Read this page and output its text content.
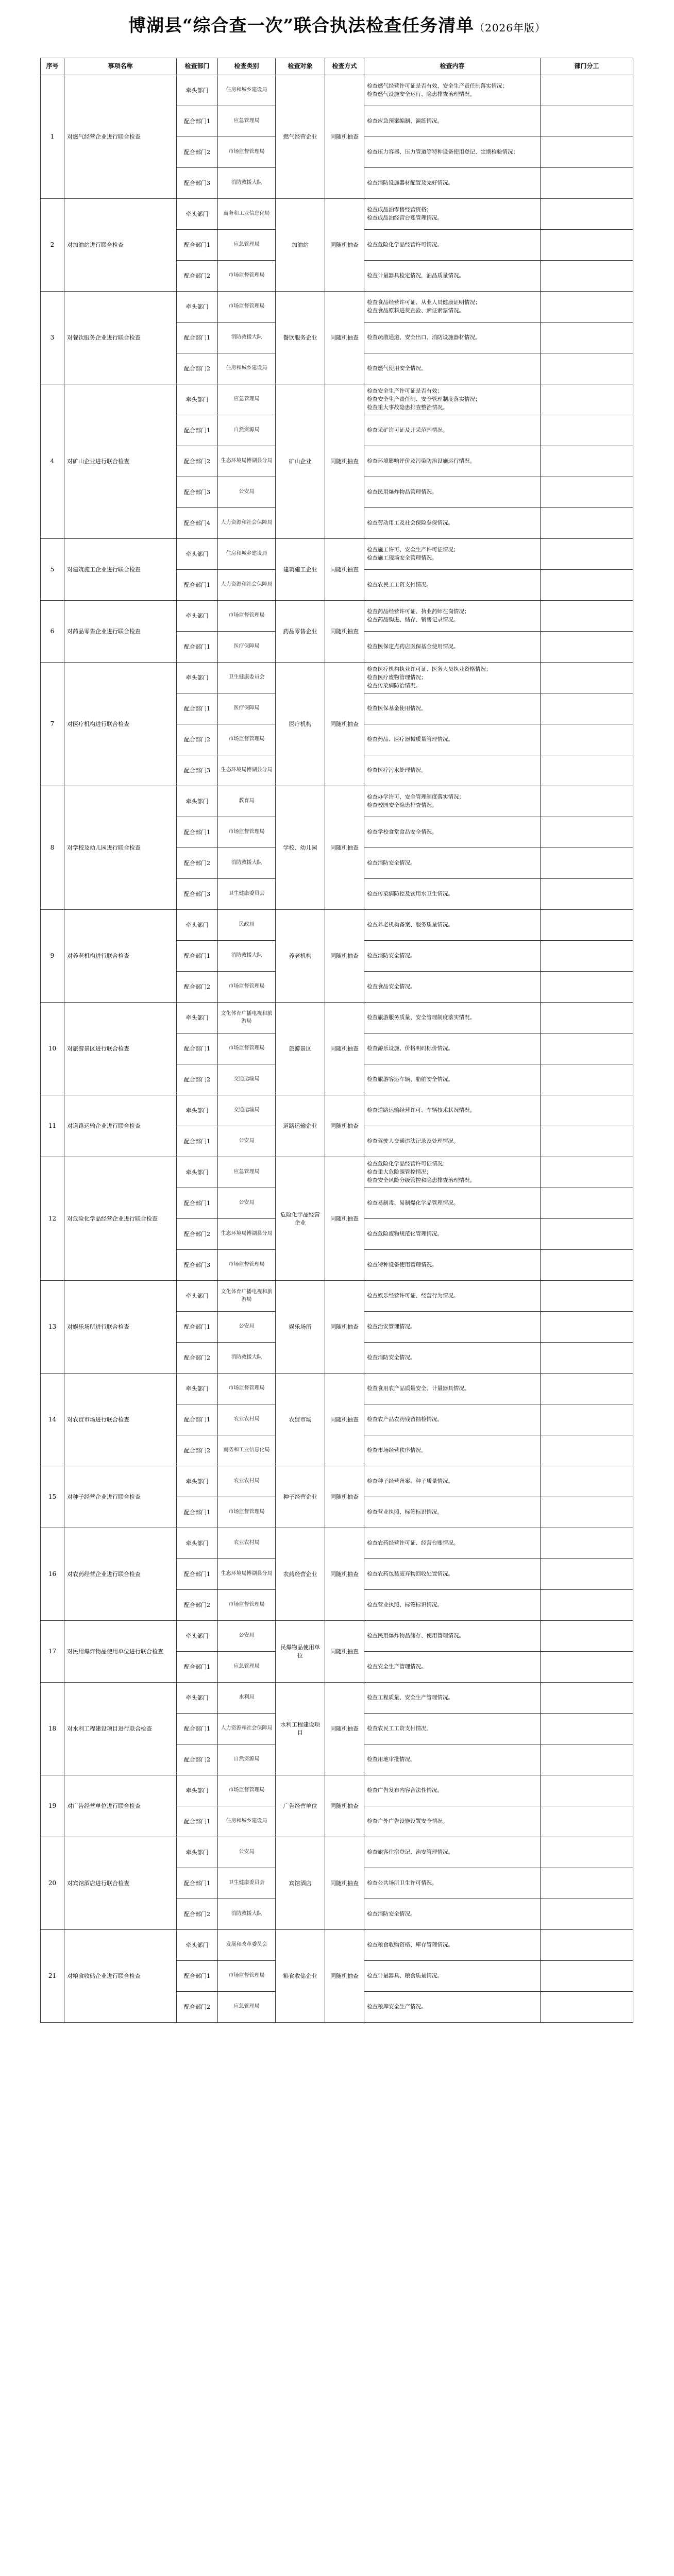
博湖县“综合查一次”联合执法检查任务清单（2026年版）
序号	事项名称	检查部门	检查类别	检查对象	检查方式	检查内容	部门分工
1	对燃气经营企业进行联合检查	牵头部门	住房和城乡建设局	燃气经营企业	同随机抽查	检查燃气经营许可证是否有效，安全生产责任制落实情况；
检查燃气设施安全运行、隐患排查治理情况。	

		配合部门1	应急管理局			检查应急预案编制、演练情况。	

		配合部门2	市场监督管理局			检查压力容器、压力管道等特种设备使用登记、定期检验情况；	

		配合部门3	消防救援大队			检查消防设施器材配置及完好情况。	

2	对加油站进行联合检查	牵头部门	商务和工业信息化局	加油站	同随机抽查	检查成品油零售经营资格；
检查成品油经营台账管理情况。	

		配合部门1	应急管理局			检查危险化学品经营许可情况。	

		配合部门2	市场监督管理局			检查计量器具检定情况，油品质量情况。	

3	对餐饮服务企业进行联合检查	牵头部门	市场监督管理局	餐饮服务企业	同随机抽查	检查食品经营许可证、从业人员健康证明情况；
检查食品原料进货查验、索证索票情况。	

		配合部门1	消防救援大队			检查疏散通道、安全出口、消防设施器材情况。	

		配合部门2	住房和城乡建设局			检查燃气使用安全情况。	

4	对矿山企业进行联合检查	牵头部门	应急管理局	矿山企业	同随机抽查	检查安全生产许可证是否有效；
检查安全生产责任制、安全管理制度落实情况；
检查重大事故隐患排查整治情况。	

		配合部门1	自然资源局			检查采矿许可证及开采范围情况。	

		配合部门2	生态环境局博湖县分局			检查环境影响评价及污染防治设施运行情况。	

		配合部门3	公安局			检查民用爆炸物品管理情况。	

		配合部门4	人力资源和社会保障局			检查劳动用工及社会保险参保情况。	

5	对建筑施工企业进行联合检查	牵头部门	住房和城乡建设局	建筑施工企业	同随机抽查	检查施工许可、安全生产许可证情况；
检查施工现场安全管理情况。	

		配合部门1	人力资源和社会保障局			检查农民工工资支付情况。	

6	对药品零售企业进行联合检查	牵头部门	市场监督管理局	药品零售企业	同随机抽查	检查药品经营许可证、执业药师在岗情况；
检查药品购进、储存、销售记录情况。	

		配合部门1	医疗保障局			检查医保定点药店医保基金使用情况。	

7	对医疗机构进行联合检查	牵头部门	卫生健康委员会	医疗机构	同随机抽查	检查医疗机构执业许可证、医务人员执业资格情况；
检查医疗废物管理情况；
检查传染病防治情况。	

		配合部门1	医疗保障局			检查医保基金使用情况。	

		配合部门2	市场监督管理局			检查药品、医疗器械质量管理情况。	

		配合部门3	生态环境局博湖县分局			检查医疗污水处理情况。	

8	对学校及幼儿园进行联合检查	牵头部门	教育局	学校、幼儿园	同随机抽查	检查办学许可、安全管理制度落实情况；
检查校园安全隐患排查情况。	

		配合部门1	市场监督管理局			检查学校食堂食品安全情况。	

		配合部门2	消防救援大队			检查消防安全情况。	

		配合部门3	卫生健康委员会			检查传染病防控及饮用水卫生情况。	

9	对养老机构进行联合检查	牵头部门	民政局	养老机构	同随机抽查	检查养老机构备案、服务质量情况。	

		配合部门1	消防救援大队			检查消防安全情况。	

		配合部门2	市场监督管理局			检查食品安全情况。	

10	对旅游景区进行联合检查	牵头部门	文化体育广播电视和旅游局	旅游景区	同随机抽查	检查旅游服务质量、安全管理制度落实情况。	

		配合部门1	市场监督管理局			检查游乐设施、价格明码标价情况。	

		配合部门2	交通运输局			检查旅游客运车辆、船舶安全情况。	

11	对道路运输企业进行联合检查	牵头部门	交通运输局	道路运输企业	同随机抽查	检查道路运输经营许可、车辆技术状况情况。	

		配合部门1	公安局			检查驾驶人交通违法记录及处理情况。	

12	对危险化学品经营企业进行联合检查	牵头部门	应急管理局	危险化学品经营企业	同随机抽查	检查危险化学品经营许可证情况；
检查重大危险源管控情况；
检查安全风险分级管控和隐患排查治理情况。	

		配合部门1	公安局			检查易制毒、易制爆化学品管理情况。	

		配合部门2	生态环境局博湖县分局			检查危险废物规范化管理情况。	

		配合部门3	市场监督管理局			检查特种设备使用管理情况。	

13	对娱乐场所进行联合检查	牵头部门	文化体育广播电视和旅游局	娱乐场所	同随机抽查	检查娱乐经营许可证、经营行为情况。	

		配合部门1	公安局			检查治安管理情况。	

		配合部门2	消防救援大队			检查消防安全情况。	

14	对农贸市场进行联合检查	牵头部门	市场监督管理局	农贸市场	同随机抽查	检查食用农产品质量安全、计量器具情况。	

		配合部门1	农业农村局			检查农产品农药残留抽检情况。	

		配合部门2	商务和工业信息化局			检查市场经营秩序情况。	

15	对种子经营企业进行联合检查	牵头部门	农业农村局	种子经营企业	同随机抽查	检查种子经营备案、种子质量情况。	

		配合部门1	市场监督管理局			检查营业执照、标签标识情况。	

16	对农药经营企业进行联合检查	牵头部门	农业农村局	农药经营企业	同随机抽查	检查农药经营许可证、经营台账情况。	

		配合部门1	生态环境局博湖县分局			检查农药包装废弃物回收处置情况。	

		配合部门2	市场监督管理局			检查营业执照、标签标识情况。	

17	对民用爆炸物品使用单位进行联合检查	牵头部门	公安局	民爆物品使用单位	同随机抽查	检查民用爆炸物品储存、使用管理情况。	

		配合部门1	应急管理局			检查安全生产管理情况。	

18	对水利工程建设项目进行联合检查	牵头部门	水利局	水利工程建设项目	同随机抽查	检查工程质量、安全生产管理情况。	

		配合部门1	人力资源和社会保障局			检查农民工工资支付情况。	

		配合部门2	自然资源局			检查用地审批情况。	

19	对广告经营单位进行联合检查	牵头部门	市场监督管理局	广告经营单位	同随机抽查	检查广告发布内容合法性情况。	

		配合部门1	住房和城乡建设局			检查户外广告设施设置安全情况。	

20	对宾馆酒店进行联合检查	牵头部门	公安局	宾馆酒店	同随机抽查	检查旅客住宿登记、治安管理情况。	

		配合部门1	卫生健康委员会			检查公共场所卫生许可情况。	

		配合部门2	消防救援大队			检查消防安全情况。	

21	对粮食收储企业进行联合检查	牵头部门	发展和改革委员会	粮食收储企业	同随机抽查	检查粮食收购资格、库存管理情况。	

		配合部门1	市场监督管理局			检查计量器具、粮食质量情况。	

		配合部门2	应急管理局			检查粮库安全生产情况。	
